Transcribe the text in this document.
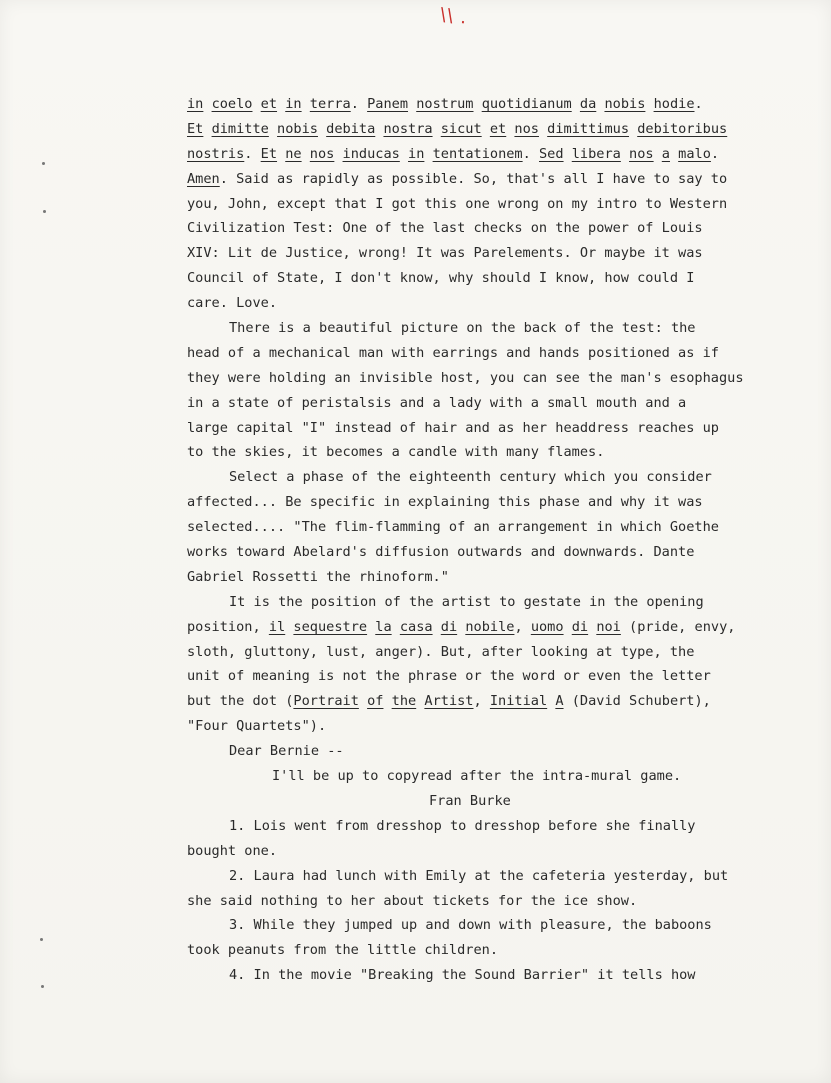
\\ .
in coelo et in terra. Panem nostrum quotidianum da nobis hodie.
Et dimitte nobis debita nostra sicut et nos dimittimus debitoribus
nostris. Et ne nos inducas in tentationem. Sed libera nos a malo.
Amen. Said as rapidly as possible. So, that's all I have to say to
you, John, except that I got this one wrong on my intro to Western
Civilization Test: One of the last checks on the power of Louis
XIV: Lit de Justice, wrong! It was Parelements. Or maybe it was
Council of State, I don't know, why should I know, how could I
care. Love.
There is a beautiful picture on the back of the test: the
head of a mechanical man with earrings and hands positioned as if
they were holding an invisible host, you can see the man's esophagus
in a state of peristalsis and a lady with a small mouth and a
large capital "I" instead of hair and as her headdress reaches up
to the skies, it becomes a candle with many flames.
Select a phase of the eighteenth century which you consider
affected... Be specific in explaining this phase and why it was
selected.... "The flim-flamming of an arrangement in which Goethe
works toward Abelard's diffusion outwards and downwards. Dante
Gabriel Rossetti the rhinoform."
It is the position of the artist to gestate in the opening
position, il sequestre la casa di nobile, uomo di noi (pride, envy,
sloth, gluttony, lust, anger). But, after looking at type, the
unit of meaning is not the phrase or the word or even the letter
but the dot (Portrait of the Artist, Initial A (David Schubert),
"Four Quartets").
Dear Bernie --
I'll be up to copyread after the intra-mural game.
Fran Burke
1. Lois went from dresshop to dresshop before she finally
bought one.
2. Laura had lunch with Emily at the cafeteria yesterday, but
she said nothing to her about tickets for the ice show.
3. While they jumped up and down with pleasure, the baboons
took peanuts from the little children.
4. In the movie "Breaking the Sound Barrier" it tells how
